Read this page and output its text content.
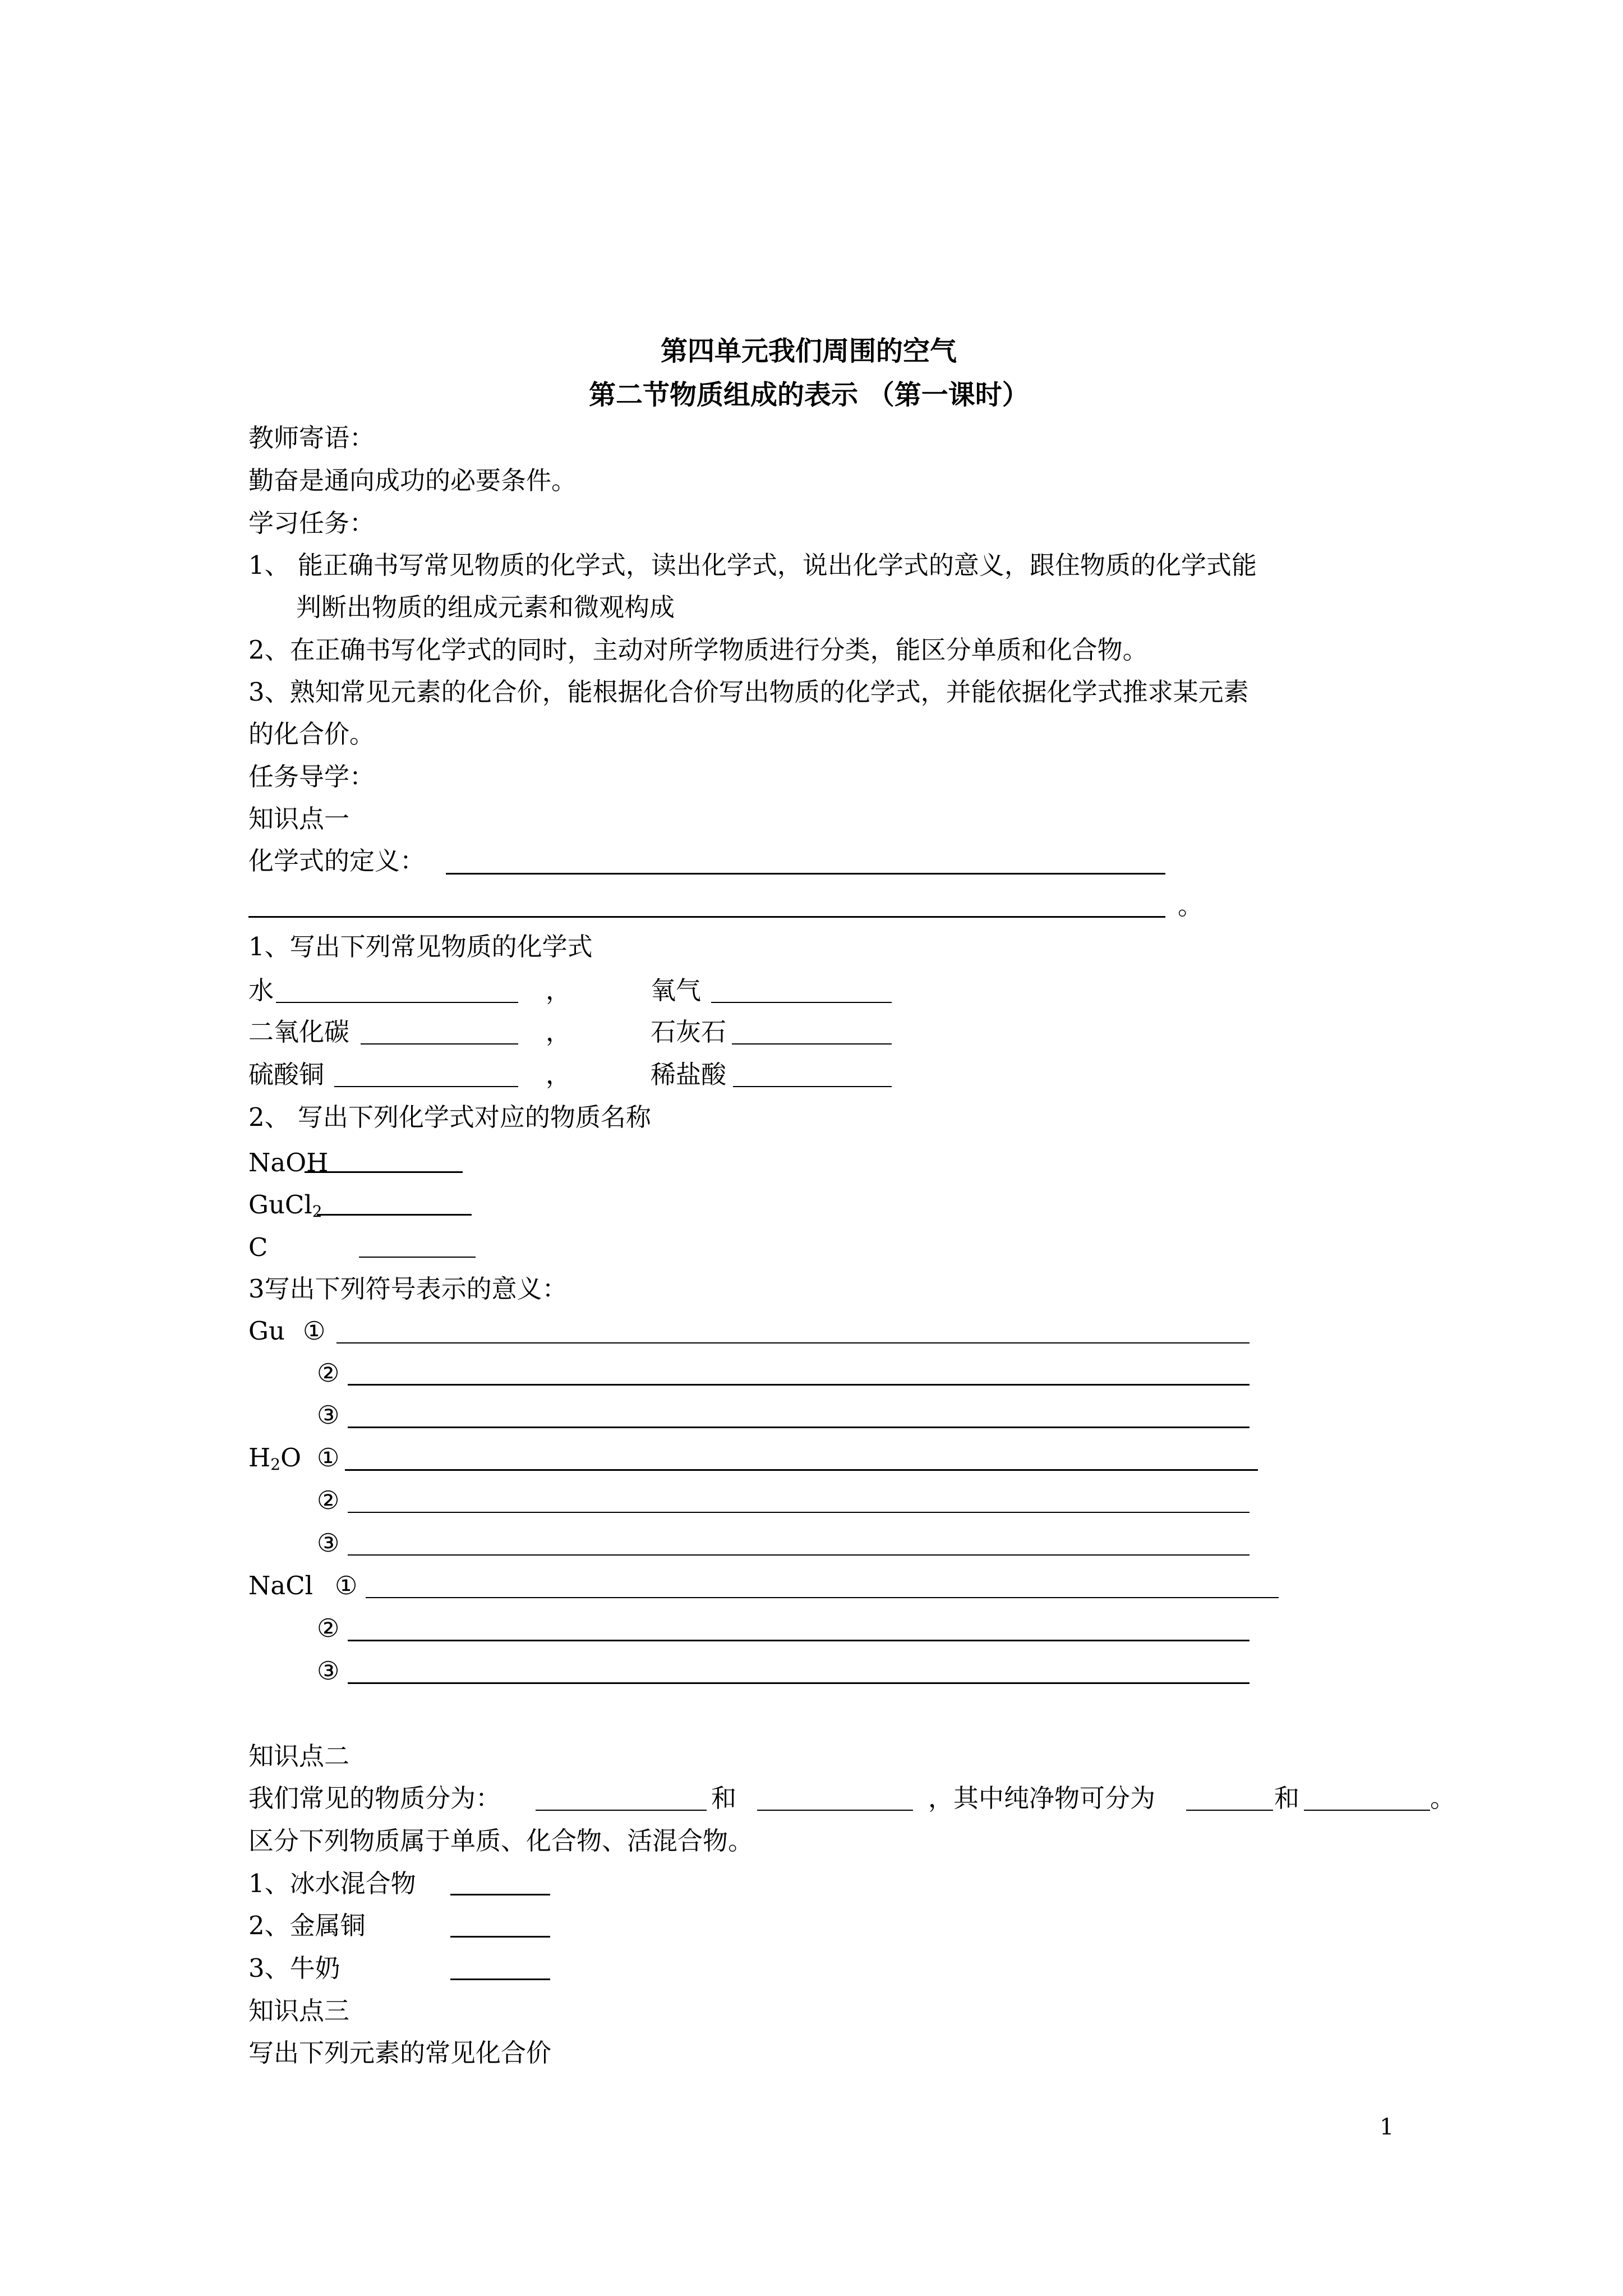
第四单元我们周围的空气
第二节物质组成的表示 （第一课时）
教师寄语：
勤奋是通向成功的必要条件。
学习任务：
1、 能正确书写常见物质的化学式，读出化学式，说出化学式的意义，跟住物质的化学式能
判断出物质的组成元素和微观构成
2、在正确书写化学式的同时，主动对所学物质进行分类，能区分单质和化合物。
3、熟知常见元素的化合价，能根据化合价写出物质的化学式，并能依据化学式推求某元素
的化合价。
任务导学：
知识点一
化学式的定义：
。
1、写出下列常见物质的化学式
水	，	氧气
二氧化碳	，	石灰石
硫酸铜	，	稀盐酸
2、 写出下列化学式对应的物质名称
NaOH
GuCl$_2$
C
3写出下列符号表示的意义：
Gu ①
②
③
$H_2O$ ①
②
③
NaCl ①
②
③
知识点二
我们常见的物质分为：	和	，其中纯净物可分为	和	。
区分下列物质属于单质、化合物、活混合物。
1、冰水混合物
2、金属铜
3、牛奶
知识点三
写出下列元素的常见化合价
1
